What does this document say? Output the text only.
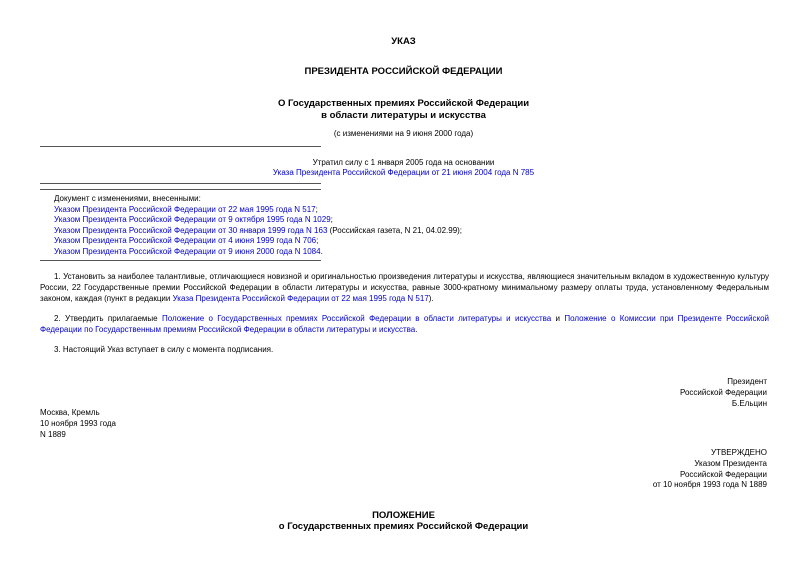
УКАЗ
ПРЕЗИДЕНТА РОССИЙСКОЙ ФЕДЕРАЦИИ
О Государственных премиях Российской Федерации
в области литературы и искусства
(с изменениями на 9 июня 2000 года)
Утратил силу с 1 января 2005 года на основании
Указа Президента Российской Федерации от 21 июня 2004 года N 785
Документ с изменениями, внесенными:
Указом Президента Российской Федерации от 22 мая 1995 года N 517;
Указом Президента Российской Федерации от 9 октября 1995 года N 1029;
Указом Президента Российской Федерации от 30 января 1999 года N 163 (Российская газета, N 21, 04.02.99);
Указом Президента Российской Федерации от 4 июня 1999 года N 706;
Указом Президента Российской Федерации от 9 июня 2000 года N 1084.
1. Установить за наиболее талантливые, отличающиеся новизной и оригинальностью произведения литературы и искусства, являющиеся значительным вкладом в художественную культуру России, 22 Государственные премии Российской Федерации в области литературы и искусства, равные 3000-кратному минимальному размеру оплаты труда, установленному Федеральным законом, каждая (пункт в редакции Указа Президента Российской Федерации от 22 мая 1995 года N 517).
2. Утвердить прилагаемые Положение о Государственных премиях Российской Федерации в области литературы и искусства и Положение о Комиссии при Президенте Российской Федерации по Государственным премиям Российской Федерации в области литературы и искусства.
3. Настоящий Указ вступает в силу с момента подписания.
Президент
Российской Федерации
Б.Ельцин
Москва, Кремль
10 ноября 1993 года
N 1889
УТВЕРЖДЕНО
Указом Президента
Российской Федерации
от 10 ноября 1993 года N 1889
ПОЛОЖЕНИЕ
о Государственных премиях Российской Федерации
